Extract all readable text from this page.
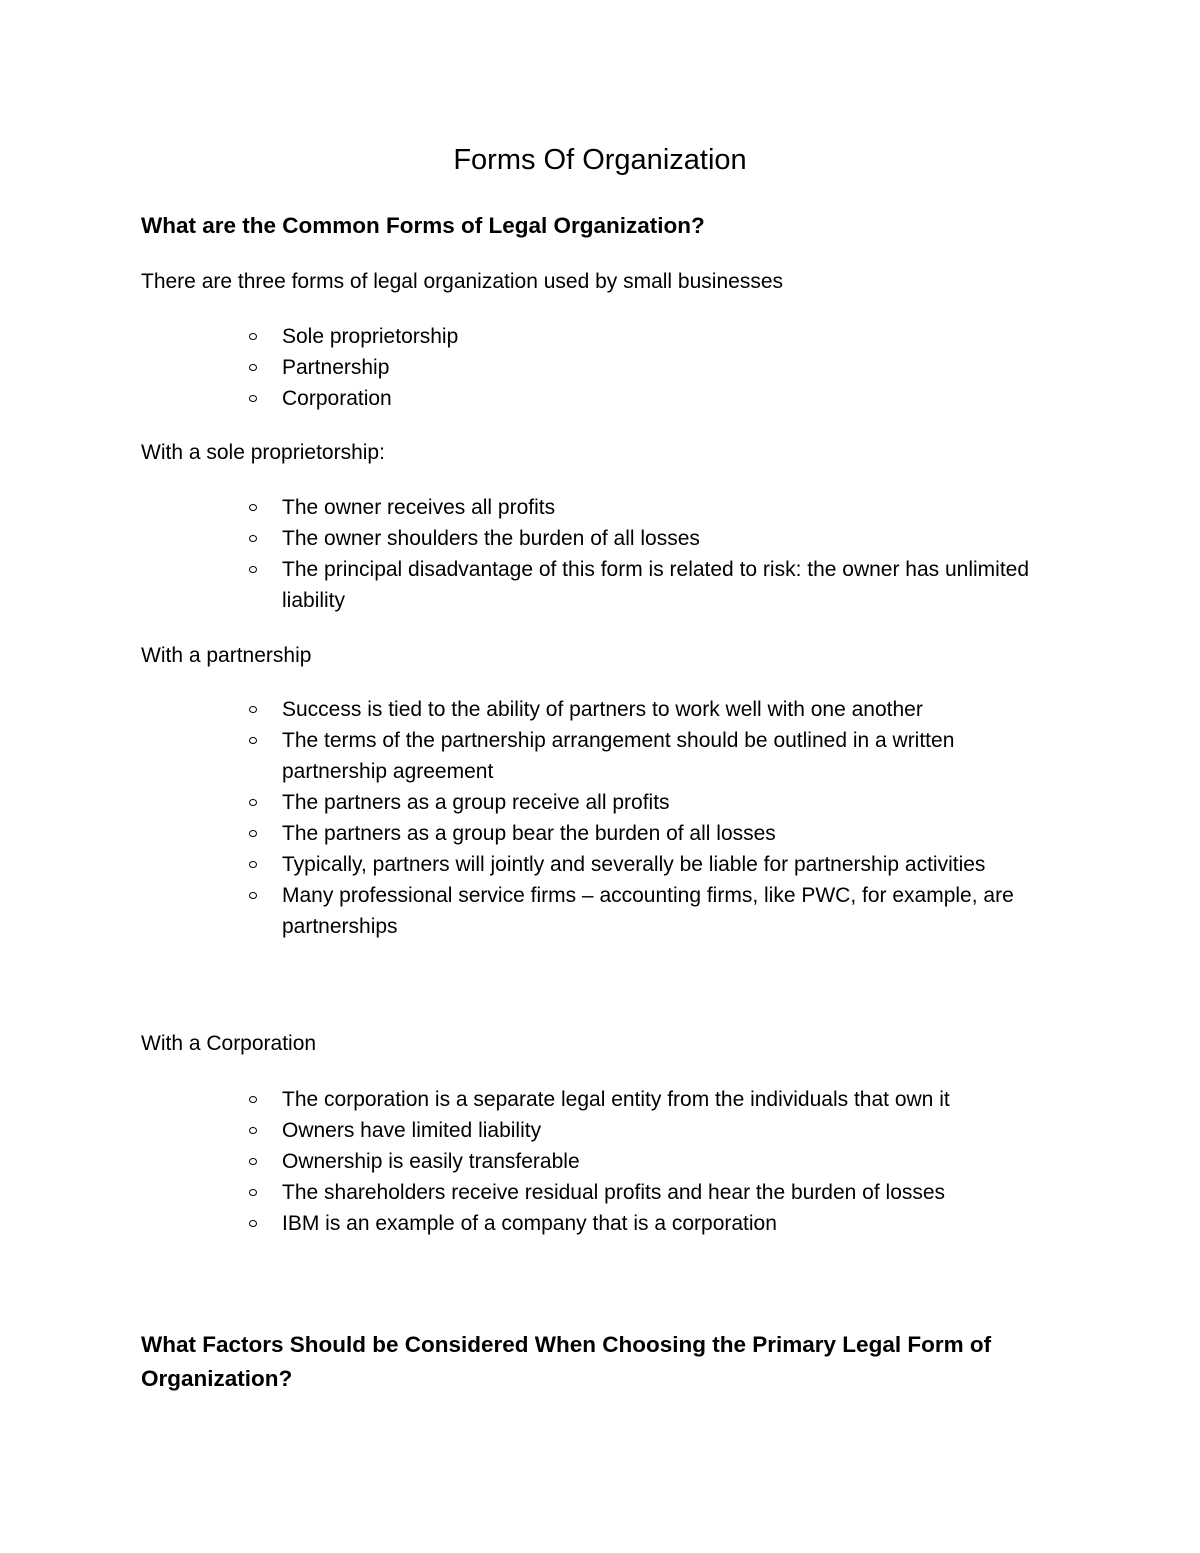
Forms Of Organization
What are the Common Forms of Legal Organization?

There are three forms of legal organization used by small businesses

Sole proprietorship
Partnership
Corporation

With a sole proprietorship:

The owner receives all profits
The owner shoulders the burden of all losses
The principal disadvantage of this form is related to risk: the owner has unlimited liability

With a partnership

Success is tied to the ability of partners to work well with one another
The terms of the partnership arrangement should be outlined in a written partnership agreement
The partners as a group receive all profits
The partners as a group bear the burden of all losses
Typically, partners will jointly and severally be liable for partnership activities
Many professional service firms – accounting firms, like PWC, for example, are partnerships

With a Corporation

The corporation is a separate legal entity from the individuals that own it
Owners have limited liability
Ownership is easily transferable
The shareholders receive residual profits and hear the burden of losses
IBM is an example of a company that is a corporation
What Factors Should be Considered When Choosing the Primary Legal Form of Organization?
